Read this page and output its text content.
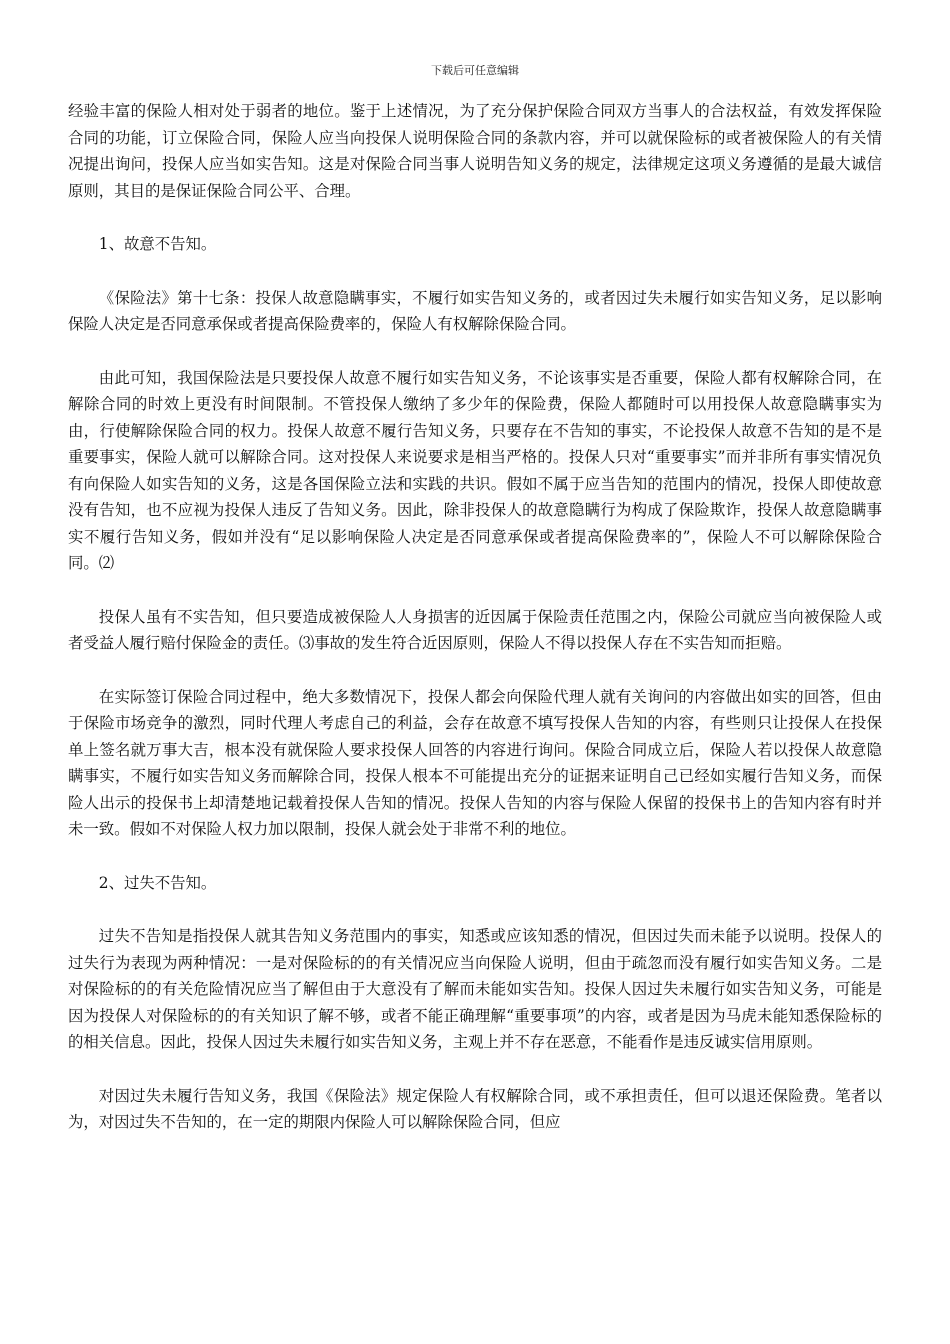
下载后可任意编辑

经验丰富的保险人相对处于弱者的地位。鉴于上述情况，为了充分保护保险合同双方当事人的合法权益，有效发挥保险合同的功能，订立保险合同，保险人应当向投保人说明保险合同的条款内容，并可以就保险标的或者被保险人的有关情况提出询问，投保人应当如实告知。这是对保险合同当事人说明告知义务的规定，法律规定这项义务遵循的是最大诚信原则，其目的是保证保险合同公平、合理。

1、故意不告知。

《保险法》第十七条：投保人故意隐瞒事实，不履行如实告知义务的，或者因过失未履行如实告知义务，足以影响保险人决定是否同意承保或者提高保险费率的，保险人有权解除保险合同。

由此可知，我国保险法是只要投保人故意不履行如实告知义务，不论该事实是否重要，保险人都有权解除合同，在解除合同的时效上更没有时间限制。不管投保人缴纳了多少年的保险费，保险人都随时可以用投保人故意隐瞒事实为由，行使解除保险合同的权力。投保人故意不履行告知义务，只要存在不告知的事实，不论投保人故意不告知的是不是重要事实，保险人就可以解除合同。这对投保人来说要求是相当严格的。投保人只对“重要事实”而并非所有事实情况负有向保险人如实告知的义务，这是各国保险立法和实践的共识。假如不属于应当告知的范围内的情况，投保人即使故意没有告知，也不应视为投保人违反了告知义务。因此，除非投保人的故意隐瞒行为构成了保险欺诈，投保人故意隐瞒事实不履行告知义务，假如并没有“足以影响保险人决定是否同意承保或者提高保险费率的”，保险人不可以解除保险合同。⑵

投保人虽有不实告知，但只要造成被保险人人身损害的近因属于保险责任范围之内，保险公司就应当向被保险人或者受益人履行赔付保险金的责任。⑶事故的发生符合近因原则，保险人不得以投保人存在不实告知而拒赔。

在实际签订保险合同过程中，绝大多数情况下，投保人都会向保险代理人就有关询问的内容做出如实的回答，但由于保险市场竞争的激烈，同时代理人考虑自己的利益，会存在故意不填写投保人告知的内容，有些则只让投保人在投保单上签名就万事大吉，根本没有就保险人要求投保人回答的内容进行询问。保险合同成立后，保险人若以投保人故意隐瞒事实，不履行如实告知义务而解除合同，投保人根本不可能提出充分的证据来证明自己已经如实履行告知义务，而保险人出示的投保书上却清楚地记载着投保人告知的情况。投保人告知的内容与保险人保留的投保书上的告知内容有时并未一致。假如不对保险人权力加以限制，投保人就会处于非常不利的地位。

2、过失不告知。

过失不告知是指投保人就其告知义务范围内的事实，知悉或应该知悉的情况，但因过失而未能予以说明。投保人的过失行为表现为两种情况：一是对保险标的的有关情况应当向保险人说明，但由于疏忽而没有履行如实告知义务。二是对保险标的的有关危险情况应当了解但由于大意没有了解而未能如实告知。投保人因过失未履行如实告知义务，可能是因为投保人对保险标的的有关知识了解不够，或者不能正确理解“重要事项”的内容，或者是因为马虎未能知悉保险标的的相关信息。因此，投保人因过失未履行如实告知义务，主观上并不存在恶意，不能看作是违反诚实信用原则。

对因过失未履行告知义务，我国《保险法》规定保险人有权解除合同，或不承担责任，但可以退还保险费。笔者以为，对因过失不告知的，在一定的期限内保险人可以解除保险合同，但应
